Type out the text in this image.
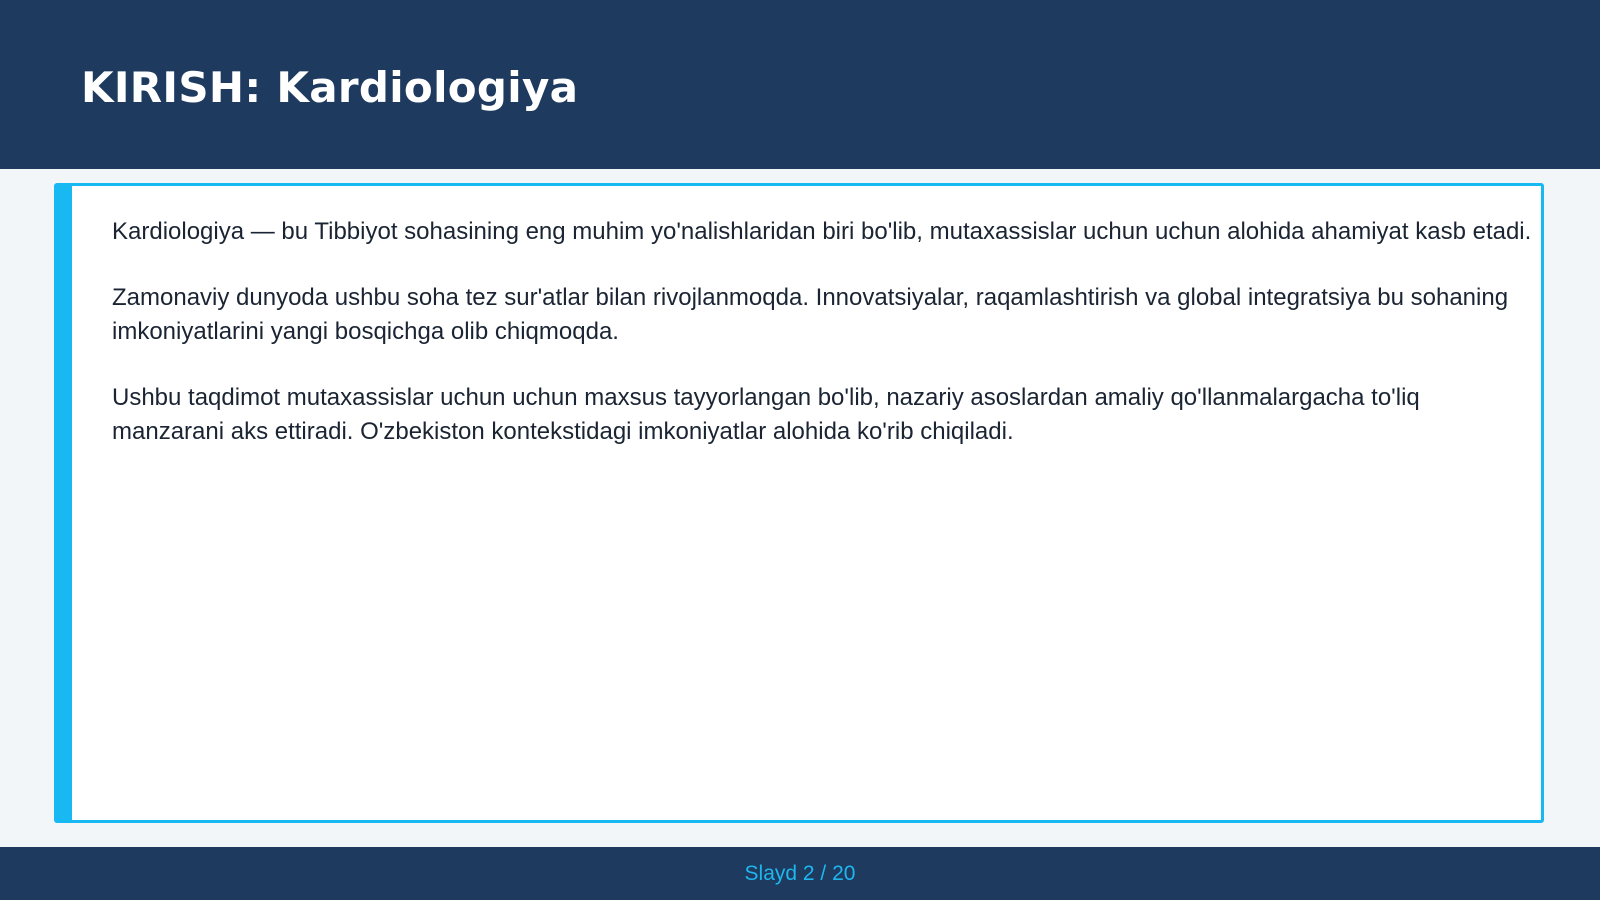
KIRISH: Kardiologiya

Kardiologiya — bu Tibbiyot sohasining eng muhim yo'nalishlaridan biri bo'lib, mutaxassislar uchun uchun alohida ahamiyat kasb etadi.

Zamonaviy dunyoda ushbu soha tez sur'atlar bilan rivojlanmoqda. Innovatsiyalar, raqamlashtirish va global integratsiya bu sohaning imkoniyatlarini yangi bosqichga olib chiqmoqda.

Ushbu taqdimot mutaxassislar uchun uchun maxsus tayyorlangan bo'lib, nazariy asoslardan amaliy qo'llanmalargacha to'liq manzarani aks ettiradi. O'zbekiston kontekstidagi imkoniyatlar alohida ko'rib chiqiladi.

Slayd 2 / 20
